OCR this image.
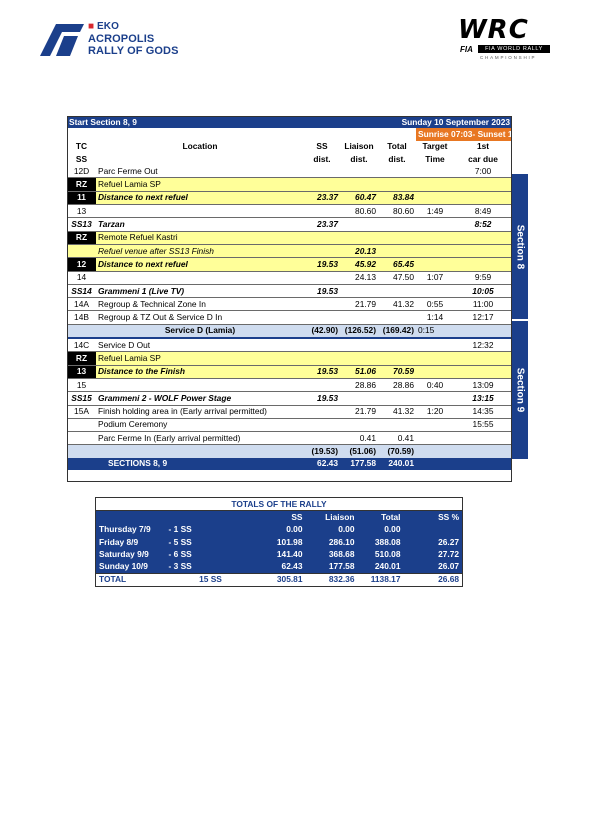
■ EKO
ACROPOLIS
RALLY OF GODS
WRC
FIA	FIA WORLD RALLY
CHAMPIONSHIP
Start Section 8, 9			Sunday 10 September 2023			
					Sunrise 07:03- Sunset 19:43	
TC	Location	SS	Liaison	Total	Target	1st
SS		dist.	dist.	dist.	Time	car due
12D	Parc Ferme Out					7:00
RZ	Refuel Lamia SP					
11	Distance to next refuel	23.37	60.47	83.84		
13			80.60	80.60	1:49	8:49
SS13	Tarzan	23.37				8:52
RZ	Remote Refuel Kastri					
	Refuel venue after SS13 Finish		20.13			
12	Distance to next refuel	19.53	45.92	65.45		
14			24.13	47.50	1:07	9:59
SS14	Grammeni 1 (Live TV)	19.53				10:05
14A	Regroup & Technical Zone In		21.79	41.32	0:55	11:00
14B	Regroup & TZ Out & Service D In				1:14	12:17
	Service D (Lamia)	(42.90)	(126.52)	(169.42)	0:15	
14C	Service D Out					12:32
RZ	Refuel Lamia SP					
13	Distance to the Finish	19.53	51.06	70.59		
15			28.86	28.86	0:40	13:09
SS15	Grammeni 2 - WOLF Power Stage	19.53				13:15
15A	Finish holding area in (Early arrival permitted)		21.79	41.32	1:20	14:35
	Podium Ceremony					15:55
	Parc Ferme In (Early arrival permitted)		0.41	0.41		
		(19.53)	(51.06)	(70.59)		
	SECTIONS 8, 9	62.43	177.58	240.01		
Section 8
Section 9
TOTALS OF THE RALLY					
		SS	Liaison	Total	SS %
Thursday 7/9	- 1 SS	0.00	0.00	0.00	
Friday 8/9	- 5 SS	101.98	286.10	388.08	26.27
Saturday 9/9	- 6 SS	141.40	368.68	510.08	27.72
Sunday 10/9	- 3 SS	62.43	177.58	240.01	26.07
TOTAL	15 SS	305.81	832.36	1138.17	26.68
